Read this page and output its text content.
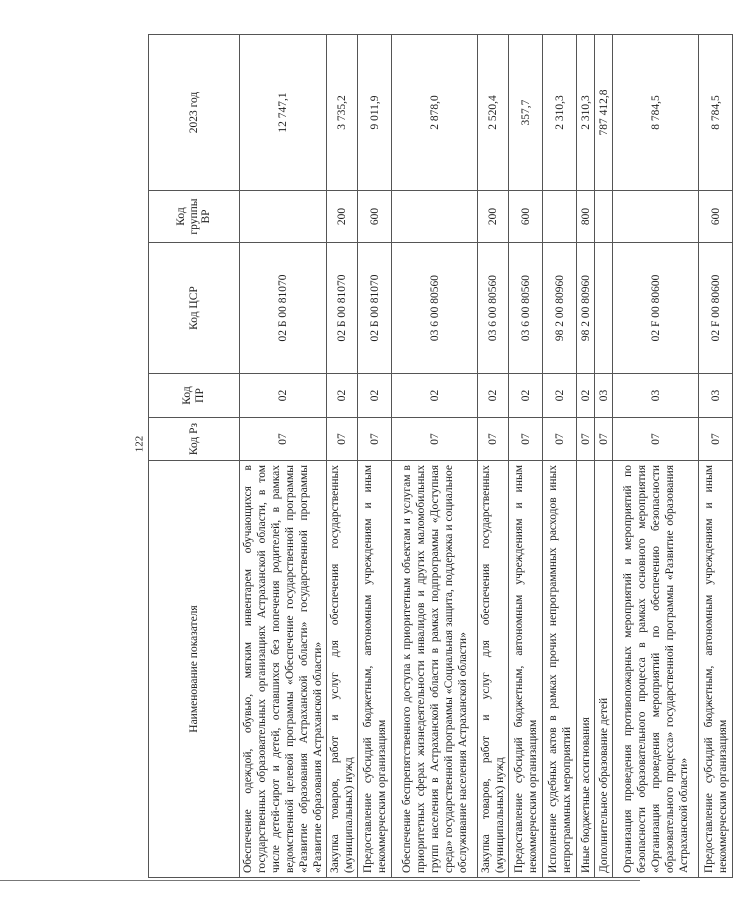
122
Наименование показателя	Код Рз	Код ПР	Код ЦСР	Код группы ВР	2023 год
Обеспечение одеждой, обувью, мягким инвентарем обучающихся в государственных образовательных организациях Астраханской области, в том числе детей-сирот и детей, оставшихся без попечения родителей, в рамках ведомственной целевой программы «Обеспечение государственной программы «Развитие образования Астраханской области» государственной программы «Развитие образования Астраханской области»	07	02	02 Б 00 81070		12 747,1
Закупка товаров, работ и услуг для обеспечения государственных (муниципальных) нужд	07	02	02 Б 00 81070	200	3 735,2
Предоставление субсидий бюджетным, автономным учреждениям и иным некоммерческим организациям	07	02	02 Б 00 81070	600	9 011,9
Обеспечение беспрепятственного доступа к приоритетным объектам и услугам в приоритетных сферах жизнедеятельности инвалидов и других маломобильных групп населения в Астраханской области в рамках подпрограммы «Доступная среда» государственной программы «Социальная защита, поддержка и социальное обслуживание населения Астраханской области»	07	02	03 6 00 80560		2 878,0
Закупка товаров, работ и услуг для обеспечения государственных (муниципальных) нужд	07	02	03 6 00 80560	200	2 520,4
Предоставление субсидий бюджетным, автономным учреждениям и иным некоммерческим организациям	07	02	03 6 00 80560	600	357,7
Исполнение судебных актов в рамках прочих непрограммных расходов иных непрограммных мероприятий	07	02	98 2 00 80960		2 310,3
Иные бюджетные ассигнования	07	02	98 2 00 80960	800	2 310,3
Дополнительное образование детей	07	03			787 412,8
Организация проведения противопожарных мероприятий и мероприятий по безопасности образовательного процесса в рамках основного мероприятия «Организация проведения мероприятий по обеспечению безопасности образовательного процесса» государственной программы «Развитие образования Астраханской области»	07	03	02 F 00 80600		8 784,5
Предоставление субсидий бюджетным, автономным учреждениям и иным некоммерческим организациям	07	03	02 F 00 80600	600	8 784,5
